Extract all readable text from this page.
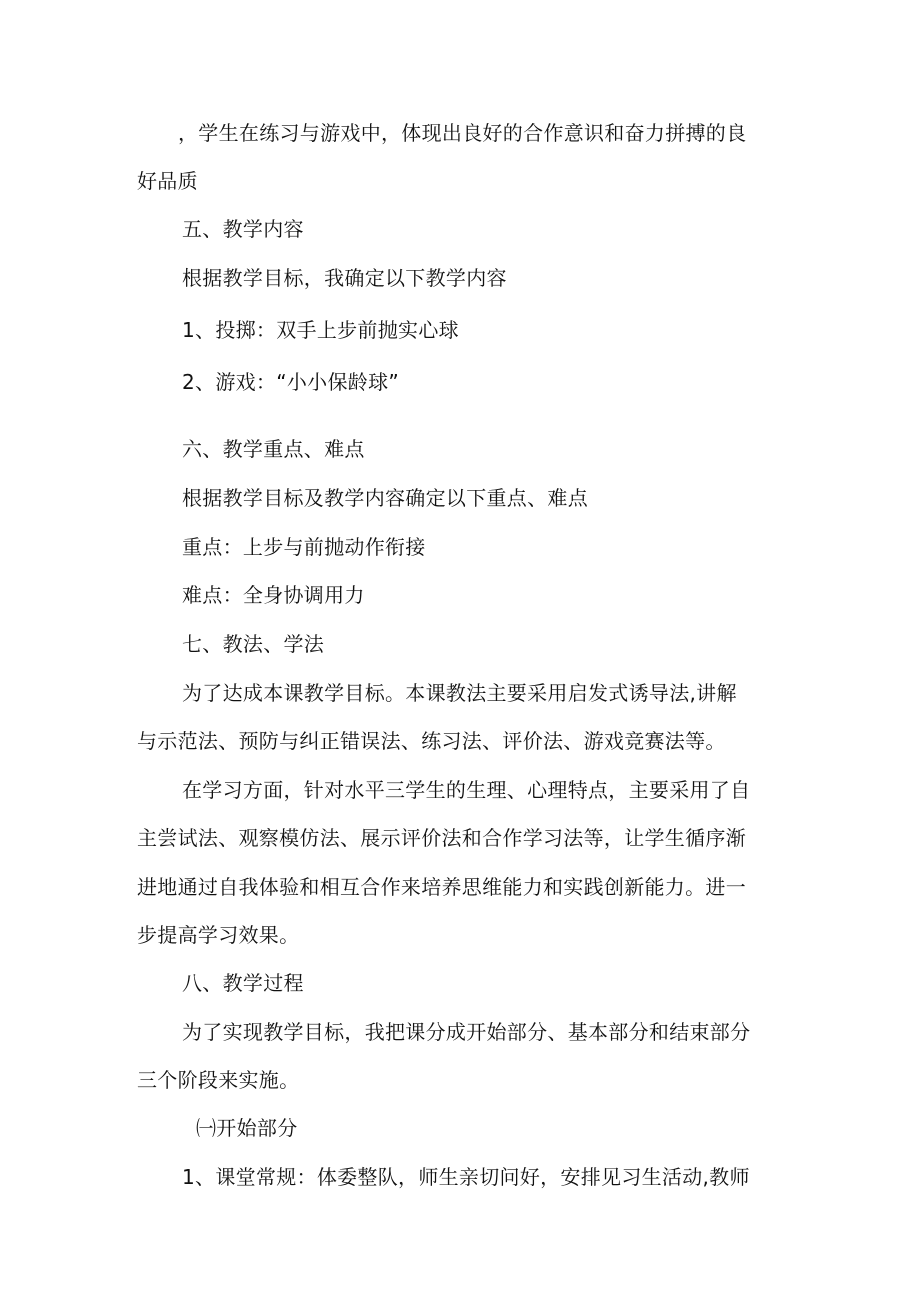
，学生在练习与游戏中，体现出良好的合作意识和奋力拼搏的良
好品质
五、教学内容
根据教学目标，我确定以下教学内容
1、投掷：双手上步前抛实心球
2、游戏：“小小保龄球”
六、教学重点、难点
根据教学目标及教学内容确定以下重点、难点
重点：上步与前抛动作衔接
难点：全身协调用力
七、教法、学法
为了达成本课教学目标。本课教法主要采用启发式诱导法,讲解
与示范法、预防与纠正错误法、练习法、评价法、游戏竞赛法等。
在学习方面，针对水平三学生的生理、心理特点，主要采用了自
主尝试法、观察模仿法、展示评价法和合作学习法等，让学生循序渐
进地通过自我体验和相互合作来培养思维能力和实践创新能力。进一
步提高学习效果。
八、教学过程
为了实现教学目标，我把课分成开始部分、基本部分和结束部分
三个阶段来实施。
㈠开始部分
1、课堂常规：体委整队，师生亲切问好，安排见习生活动,教师
